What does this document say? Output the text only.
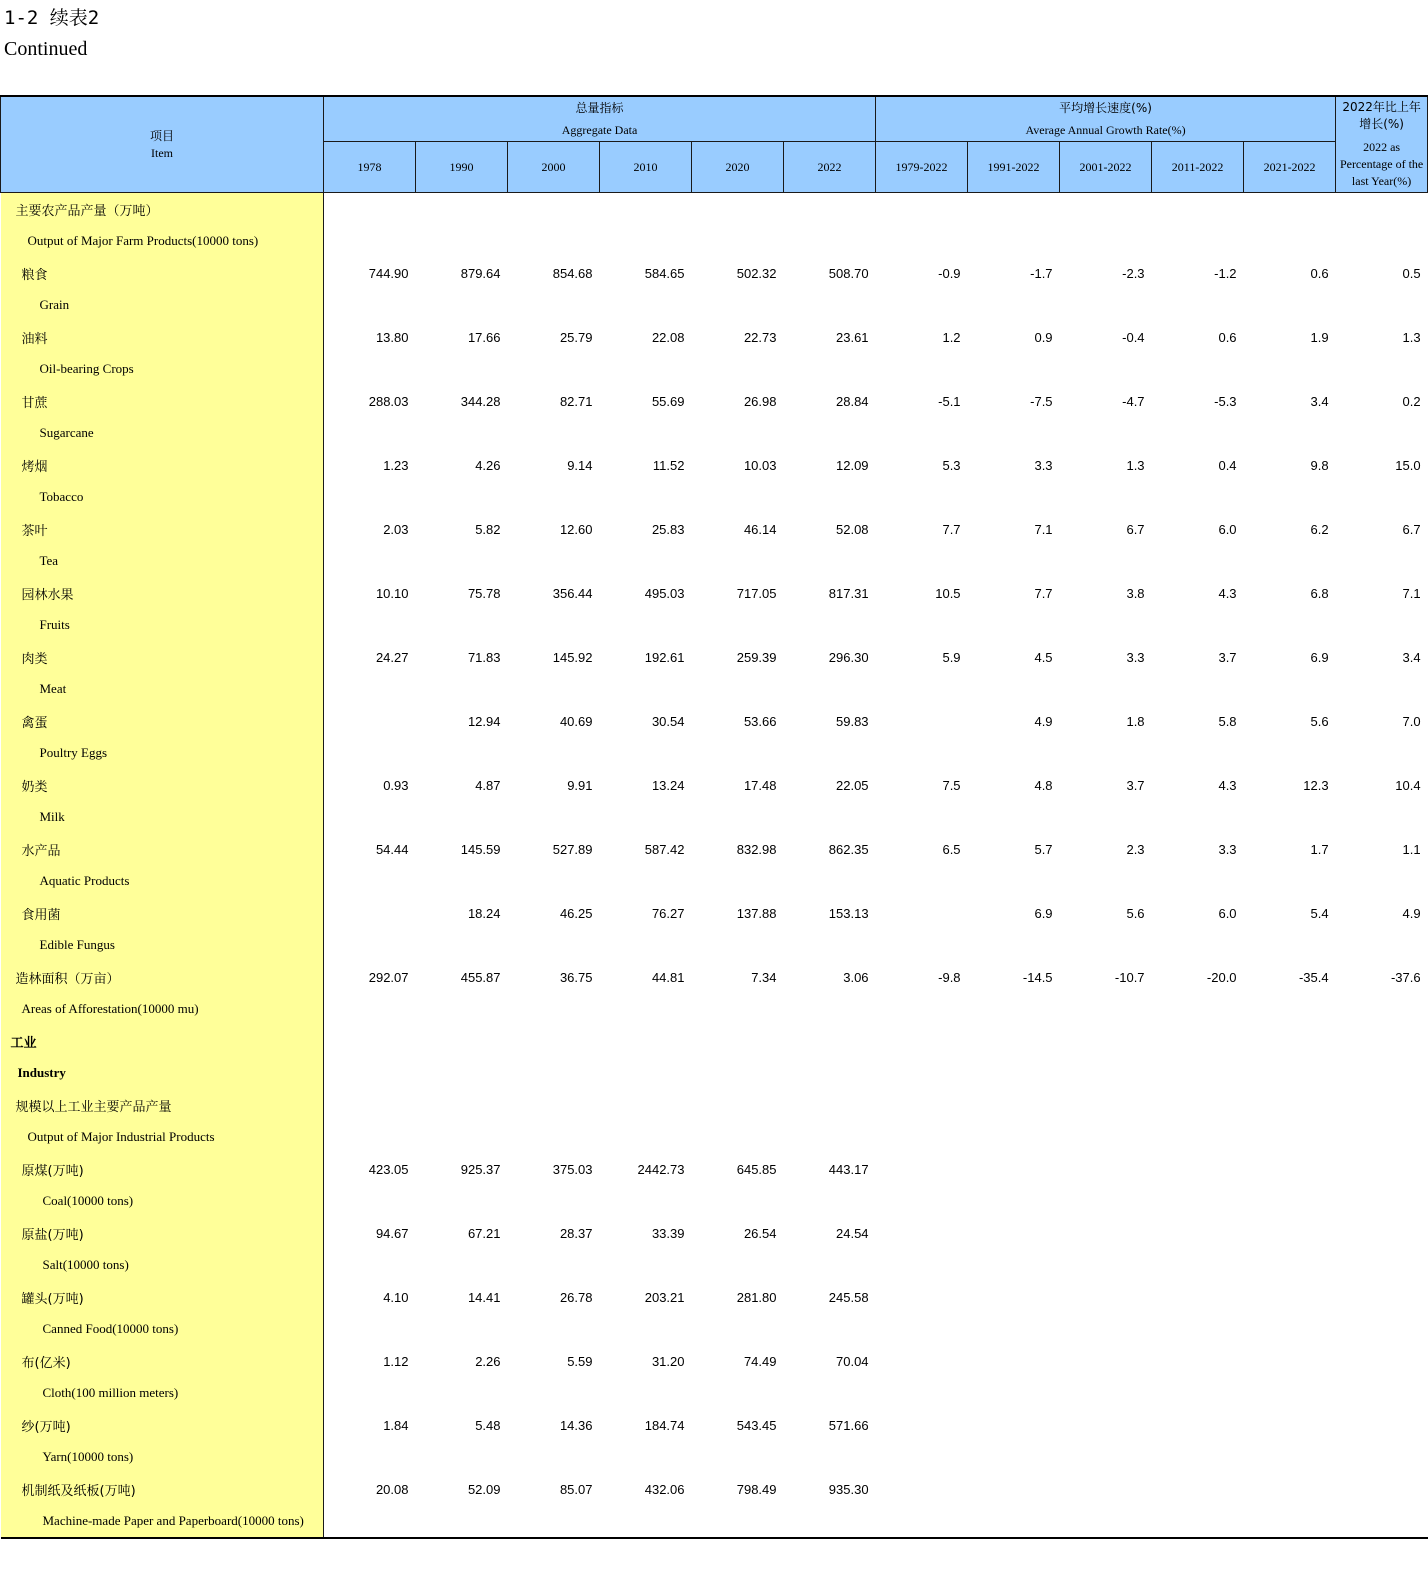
1-2 续表2
Continued
项目
Item	总量指标
Aggregate Data						平均增长速度(%)
Average Annual Growth Rate(%)					2022年比上年增长(%)
2022 as Percentage of the last Year(%)

	1978	1990	2000	2010	2020	2022	1979-2022	1991-2022	2001-2022	2011-2022	2021-2022	
主要农产品产量（万吨）												
Output of Major Farm Products(10000 tons)												
粮食	744.90	879.64	854.68	584.65	502.32	508.70	-0.9	-1.7	-2.3	-1.2	0.6	0.5
Grain												
油料	13.80	17.66	25.79	22.08	22.73	23.61	1.2	0.9	-0.4	0.6	1.9	1.3
Oil-bearing Crops												
甘蔗	288.03	344.28	82.71	55.69	26.98	28.84	-5.1	-7.5	-4.7	-5.3	3.4	0.2
Sugarcane												
烤烟	1.23	4.26	9.14	11.52	10.03	12.09	5.3	3.3	1.3	0.4	9.8	15.0
Tobacco												
茶叶	2.03	5.82	12.60	25.83	46.14	52.08	7.7	7.1	6.7	6.0	6.2	6.7
Tea												
园林水果	10.10	75.78	356.44	495.03	717.05	817.31	10.5	7.7	3.8	4.3	6.8	7.1
Fruits												
肉类	24.27	71.83	145.92	192.61	259.39	296.30	5.9	4.5	3.3	3.7	6.9	3.4
Meat												
禽蛋		12.94	40.69	30.54	53.66	59.83		4.9	1.8	5.8	5.6	7.0
Poultry Eggs												
奶类	0.93	4.87	9.91	13.24	17.48	22.05	7.5	4.8	3.7	4.3	12.3	10.4
Milk												
水产品	54.44	145.59	527.89	587.42	832.98	862.35	6.5	5.7	2.3	3.3	1.7	1.1
Aquatic Products												
食用菌		18.24	46.25	76.27	137.88	153.13		6.9	5.6	6.0	5.4	4.9
Edible Fungus												
造林面积（万亩）	292.07	455.87	36.75	44.81	7.34	3.06	-9.8	-14.5	-10.7	-20.0	-35.4	-37.6
Areas of Afforestation(10000 mu)												
工业												
Industry												
规模以上工业主要产品产量												
Output of Major Industrial Products												
原煤(万吨)	423.05	925.37	375.03	2442.73	645.85	443.17						
Coal(10000 tons)												
原盐(万吨)	94.67	67.21	28.37	33.39	26.54	24.54						
Salt(10000 tons)												
罐头(万吨)	4.10	14.41	26.78	203.21	281.80	245.58						
Canned Food(10000 tons)												
布(亿米)	1.12	2.26	5.59	31.20	74.49	70.04						
Cloth(100 million meters)												
纱(万吨)	1.84	5.48	14.36	184.74	543.45	571.66						
Yarn(10000 tons)												
机制纸及纸板(万吨)	20.08	52.09	85.07	432.06	798.49	935.30						
Machine-made Paper and Paperboard(10000 tons)												
